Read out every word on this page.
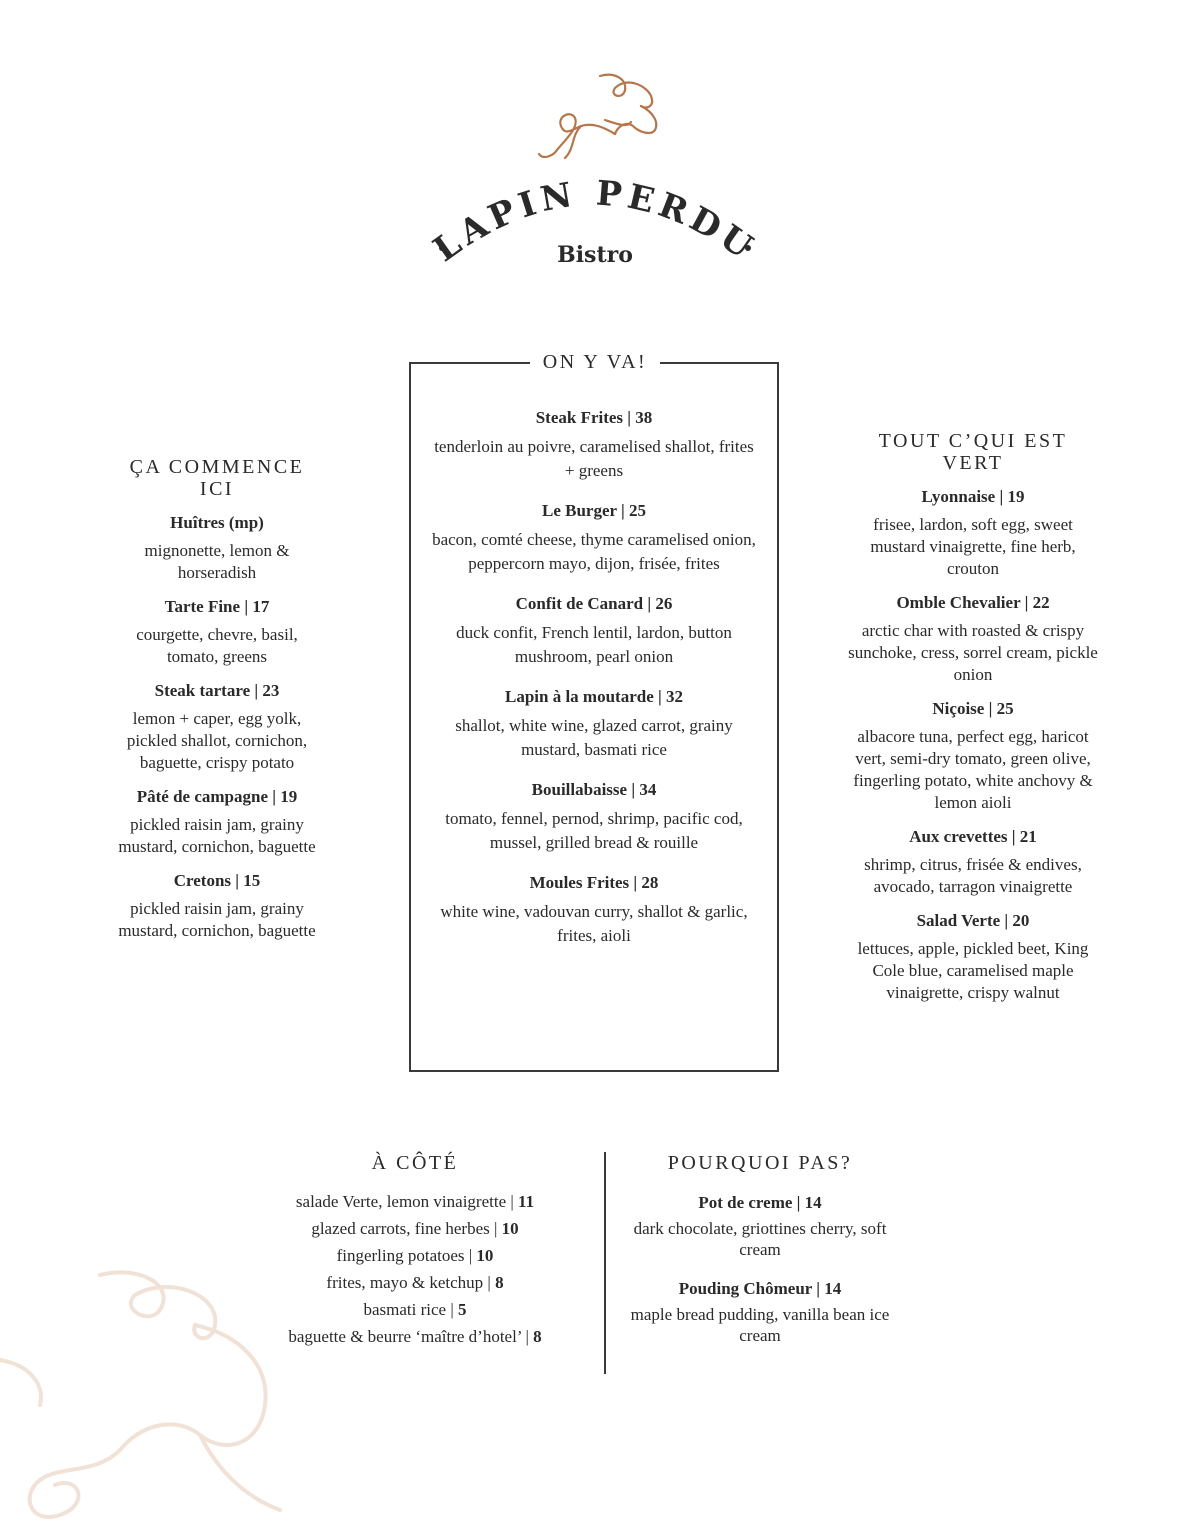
LAPIN PERDU
Bistro
ÇA COMMENCE ICI
Huîtres (mp)
mignonette, lemon & horseradish
Tarte Fine | 17
courgette, chevre, basil, tomato, greens
Steak tartare | 23
lemon + caper, egg yolk, pickled shallot, cornichon, baguette, crispy potato
Pâté de campagne | 19
pickled raisin jam, grainy mustard, cornichon, baguette
Cretons | 15
pickled raisin jam, grainy mustard, cornichon, baguette
ON Y VA!
Steak Frites | 38
tenderloin au poivre, caramelised shallot, frites + greens
Le Burger | 25
bacon, comté cheese, thyme caramelised onion, peppercorn mayo, dijon, frisée, frites
Confit de Canard | 26
duck confit, French lentil, lardon, button mushroom, pearl onion
Lapin à la moutarde | 32
shallot, white wine, glazed carrot, grainy mustard, basmati rice
Bouillabaisse | 34
tomato, fennel, pernod, shrimp, pacific cod, mussel, grilled bread & rouille
Moules Frites | 28
white wine, vadouvan curry, shallot & garlic, frites, aioli
TOUT C’QUI EST VERT
Lyonnaise | 19
frisee, lardon, soft egg, sweet mustard vinaigrette, fine herb, crouton
Omble Chevalier | 22
arctic char with roasted & crispy sunchoke, cress, sorrel cream, pickle onion
Niçoise | 25
albacore tuna, perfect egg, haricot vert, semi-dry tomato, green olive, fingerling potato, white anchovy & lemon aioli
Aux crevettes | 21
shrimp, citrus, frisée & endives, avocado, tarragon vinaigrette
Salad Verte | 20
lettuces, apple, pickled beet, King Cole blue, caramelised maple vinaigrette, crispy walnut
À CÔTÉ
salade Verte, lemon vinaigrette | 11
glazed carrots, fine herbes | 10
fingerling potatoes | 10
frites, mayo & ketchup | 8
basmati rice | 5
baguette & beurre ‘maître d’hotel’ | 8
POURQUOI PAS?
Pot de creme | 14
dark chocolate, griottines cherry, soft cream
Pouding Chômeur | 14
maple bread pudding, vanilla bean ice cream
